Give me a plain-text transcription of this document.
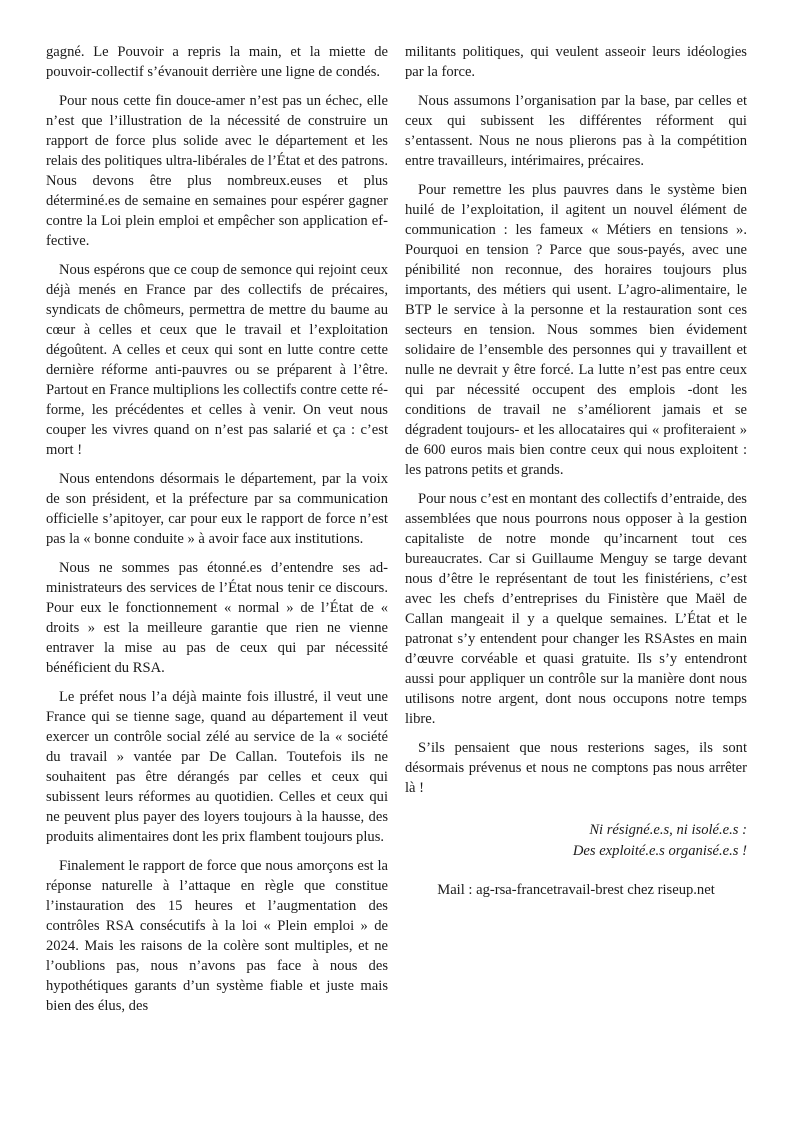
gagné. Le Pouvoir a repris la main, et la miette de pouvoir-collectif s’évanouit derrière une ligne de condés.

Pour nous cette fin douce-amer n’est pas un échec, elle n’est que l’illustration de la nécessité de construire un rapport de force plus solide avec le département et les relais des politiques ultra-libérales de l’État et des patrons. Nous devons être plus nombreux.euses et plus déterminé.es de semaine en semaines pour espérer gagner contre la Loi plein emploi et empêcher son application effective.

Nous espérons que ce coup de semonce qui rejoint ceux déjà menés en France par des collectifs de précaires, syndicats de chômeurs, permettra de mettre du baume au cœur à celles et ceux que le travail et l’exploitation dégoûtent. A celles et ceux qui sont en lutte contre cette dernière réforme anti-pauvres ou se préparent à l’être. Partout en France multiplions les collectifs contre cette réforme, les précédentes et celles à venir. On veut nous couper les vivres quand on n’est pas salarié et ça : c’est mort !

Nous entendons désormais le département, par la voix de son président, et la préfecture par sa communication officielle s’apitoyer, car pour eux le rapport de force n’est pas la « bonne conduite » à avoir face aux institutions.

Nous ne sommes pas étonné.es d’entendre ses administrateurs des services de l’État nous tenir ce discours. Pour eux le fonctionnement « normal » de l’État de « droits » est la meilleure garantie que rien ne vienne entraver la mise au pas de ceux qui par nécessité bénéficient du RSA.

Le préfet nous l’a déjà mainte fois illustré, il veut une France qui se tienne sage, quand au département il veut exercer un contrôle social zélé au service de la « société du travail » vantée par De Callan. Toutefois ils ne souhaitent pas être dérangés par celles et ceux qui subissent leurs réformes au quotidien. Celles et ceux qui ne peuvent plus payer des loyers toujours à la hausse, des produits alimentaires dont les prix flambent toujours plus.

Finalement le rapport de force que nous amorçons est la réponse naturelle à l’attaque en règle que constitue l’instauration des 15 heures et l’augmentation des contrôles RSA consécutifs à la loi « Plein emploi » de 2024. Mais les raisons de la colère sont multiples, et ne l’oublions pas, nous n’avons pas face à nous des hypothétiques garants d’un système fiable et juste mais bien des élus, des

militants politiques, qui veulent asseoir leurs idéologies par la force.

Nous assumons l’organisation par la base, par celles et ceux qui subissent les différentes réforment qui s’entassent. Nous ne nous plierons pas à la compétition entre travailleurs, intérimaires, précaires.

Pour remettre les plus pauvres dans le système bien huilé de l’exploitation, il agitent un nouvel élément de communication : les fameux « Métiers en tensions ». Pourquoi en tension ? Parce que sous-payés, avec une pénibilité non reconnue, des horaires toujours plus importants, des métiers qui usent. L’agro-alimentaire, le BTP le service à la personne et la restauration sont ces secteurs en tension. Nous sommes bien évidement solidaire de l’ensemble des personnes qui y travaillent et nulle ne devrait y être forcé. La lutte n’est pas entre ceux qui par nécessité occupent des emplois -dont les conditions de travail ne s’améliorent jamais et se dégradent toujours- et les allocataires qui « profiteraient » de 600 euros mais bien contre ceux qui nous exploitent : les patrons petits et grands.

Pour nous c’est en montant des collectifs d’entraide, des assemblées que nous pourrons nous opposer à la gestion capitaliste de notre monde qu’incarnent tout ces bureaucrates. Car si Guillaume Menguy se targe devant nous d’être le représentant de tout les finistériens, c’est avec les chefs d’entreprises du Finistère que Maël de Callan mangeait il y a quelque semaines. L’État et le patronat s’y entendent pour changer les RSAstes en main d’œuvre corvéable et quasi gratuite. Ils s’y entendront aussi pour appliquer un contrôle sur la manière dont nous utilisons notre argent, dont nous occupons notre temps libre.

S’ils pensaient que nous resterions sages, ils sont désormais prévenus et nous ne comptons pas nous arrêter là !

Ni résigné.e.s, ni isolé.e.s :
Des exploité.e.s organisé.e.s !
Mail : ag-rsa-francetravail-brest chez riseup.net
